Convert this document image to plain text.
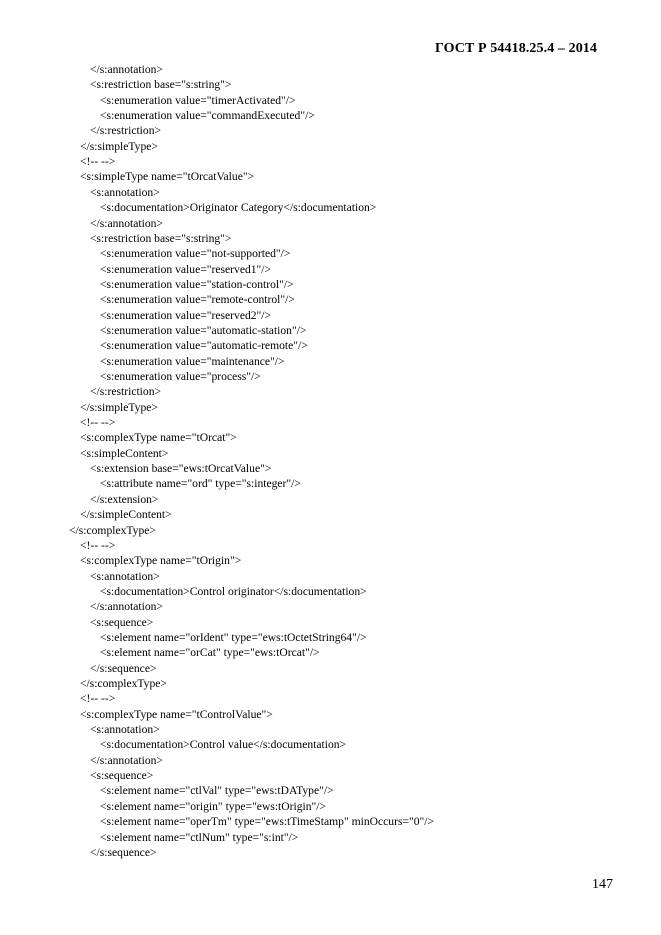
ГОСТ Р 54418.25.4 – 2014
</s:annotation>
<s:restriction base="s:string">
<s:enumeration value="timerActivated"/>
<s:enumeration value="commandExecuted"/>
</s:restriction>
</s:simpleType>
<!-- -->
<s:simpleType name="tOrcatValue">
<s:annotation>
<s:documentation>Originator Category</s:documentation>
</s:annotation>
<s:restriction base="s:string">
<s:enumeration value="not-supported"/>
<s:enumeration value="reserved1"/>
<s:enumeration value="station-control"/>
<s:enumeration value="remote-control"/>
<s:enumeration value="reserved2"/>
<s:enumeration value="automatic-station"/>
<s:enumeration value="automatic-remote"/>
<s:enumeration value="maintenance"/>
<s:enumeration value="process"/>
</s:restriction>
</s:simpleType>
<!-- -->
<s:complexType name="tOrcat">
<s:simpleContent>
<s:extension base="ews:tOrcatValue">
<s:attribute name="ord" type="s:integer"/>
</s:extension>
</s:simpleContent>
</s:complexType>
<!-- -->
<s:complexType name="tOrigin">
<s:annotation>
<s:documentation>Control originator</s:documentation>
</s:annotation>
<s:sequence>
<s:element name="orIdent" type="ews:tOctetString64"/>
<s:element name="orCat" type="ews:tOrcat"/>
</s:sequence>
</s:complexType>
<!-- -->
<s:complexType name="tControlValue">
<s:annotation>
<s:documentation>Control value</s:documentation>
</s:annotation>
<s:sequence>
<s:element name="ctlVal" type="ews:tDAType"/>
<s:element name="origin" type="ews:tOrigin"/>
<s:element name="operTm" type="ews:tTimeStamp" minOccurs="0"/>
<s:element name="ctlNum" type="s:int"/>
</s:sequence>
147
